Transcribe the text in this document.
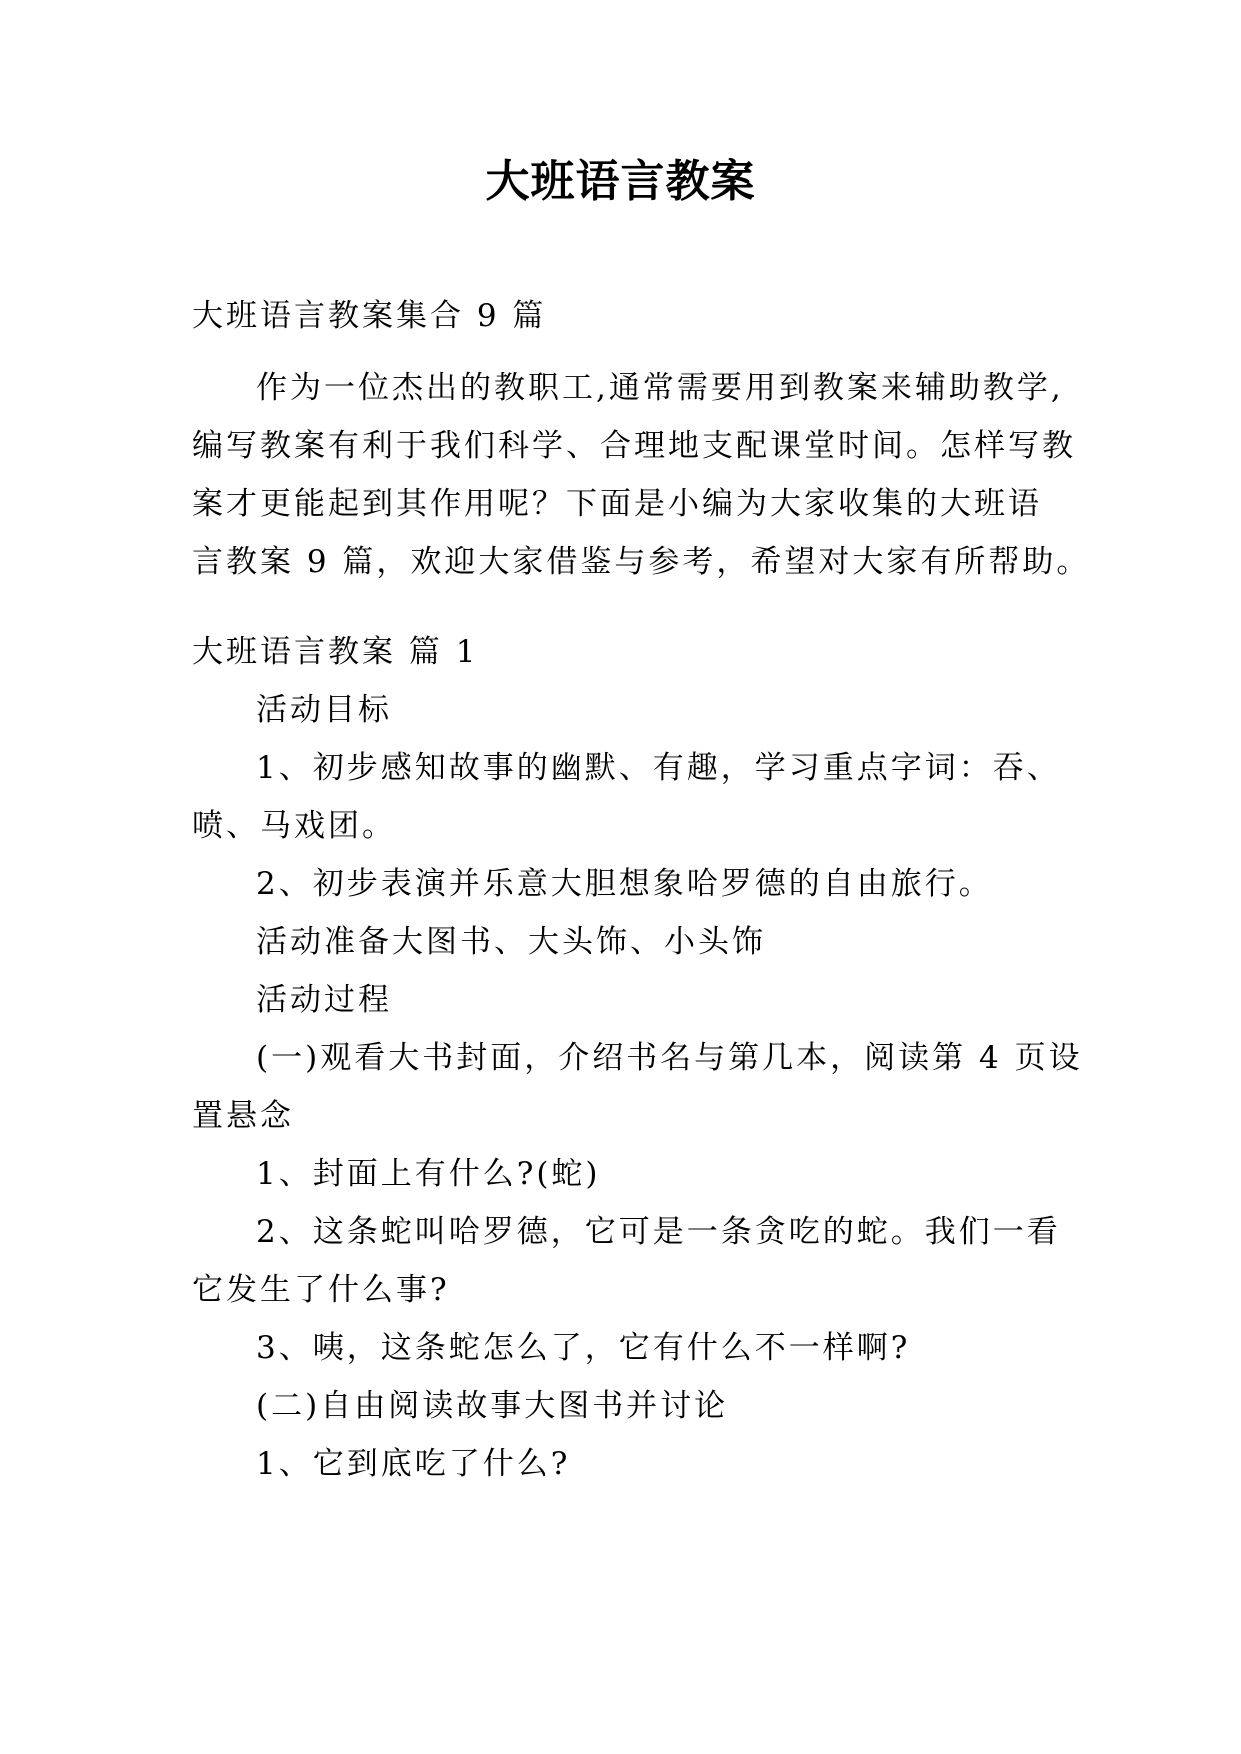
大班语言教案
大班语言教案集合 9 篇
作为一位杰出的教职工,通常需要用到教案来辅助教学,
编写教案有利于我们科学、合理地支配课堂时间。怎样写教
案才更能起到其作用呢？下面是小编为大家收集的大班语
言教案 9 篇，欢迎大家借鉴与参考，希望对大家有所帮助。
大班语言教案 篇 1
活动目标
1、初步感知故事的幽默、有趣，学习重点字词：吞、
喷、马戏团。
2、初步表演并乐意大胆想象哈罗德的自由旅行。
活动准备大图书、大头饰、小头饰
活动过程
(一)观看大书封面，介绍书名与第几本，阅读第 4 页设
置悬念
1、封面上有什么?(蛇)
2、这条蛇叫哈罗德，它可是一条贪吃的蛇。我们一看
它发生了什么事?
3、咦，这条蛇怎么了，它有什么不一样啊?
(二)自由阅读故事大图书并讨论
1、它到底吃了什么?
